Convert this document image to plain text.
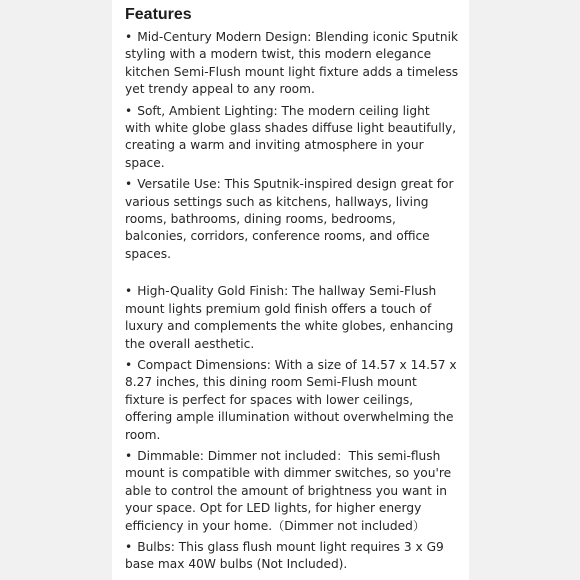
Features
• Mid-Century Modern Design: Blending iconic Sputnik styling with a modern twist, this modern elegance kitchen Semi-Flush mount light fixture adds a timeless yet trendy appeal to any room.
• Soft, Ambient Lighting: The modern ceiling light with white globe glass shades diffuse light beautifully, creating a warm and inviting atmosphere in your space.
• Versatile Use: This Sputnik-inspired design great for various settings such as kitchens, hallways, living rooms, bathrooms, dining rooms, bedrooms, balconies, corridors, conference rooms, and office spaces.
• High-Quality Gold Finish: The hallway Semi-Flush mount lights premium gold finish offers a touch of luxury and complements the white globes, enhancing the overall aesthetic.
• Compact Dimensions: With a size of 14.57 x 14.57 x 8.27 inches, this dining room Semi-Flush mount fixture is perfect for spaces with lower ceilings, offering ample illumination without overwhelming the room.
• Dimmable: Dimmer not included：This semi-flush mount is compatible with dimmer switches, so you're able to control the amount of brightness you want in your space. Opt for LED lights, for higher energy efficiency in your home.（Dimmer not included）
• Bulbs: This glass flush mount light requires 3 x G9 base max 40W bulbs (Not Included).
